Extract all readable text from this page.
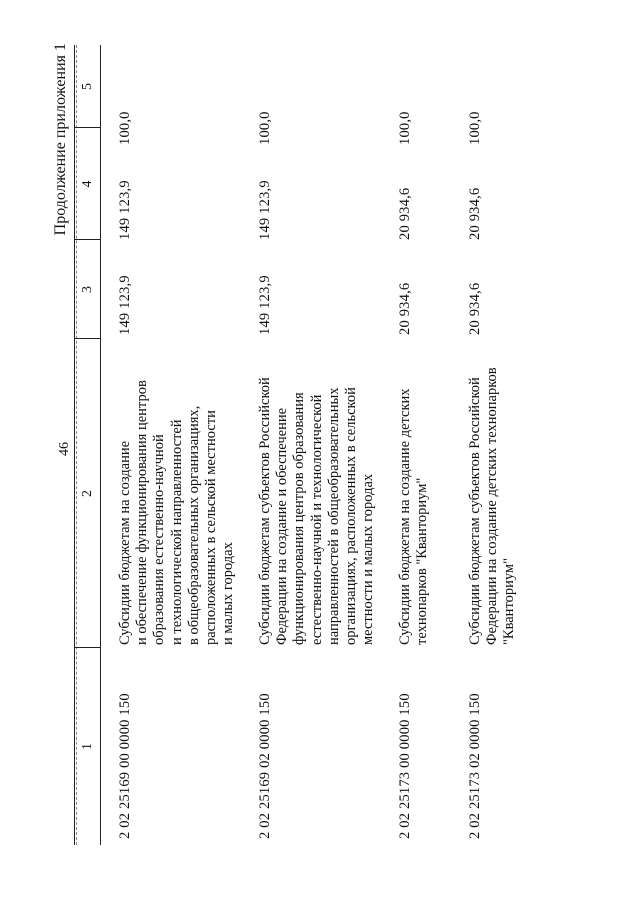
46
Продолжение приложения 1
1
2
3
4
5
2 02 25169 00 0000 150
Субсидии бюджетам на создание и обеспечение функционирования центров образования естественно-научной и технологической направленностей в общеобразовательных организациях, расположенных в сельской местности и малых городах
149 123,9
149 123,9
100,0
2 02 25169 02 0000 150
Субсидии бюджетам субъектов Российской Федерации на создание и обеспечение функционирования центров образования естественно-научной и технологической направленностей в общеобразовательных организациях, расположенных в сельской местности и малых городах
149 123,9
149 123,9
100,0
2 02 25173 00 0000 150
Субсидии бюджетам на создание детских технопарков "Кванториум"
20 934,6
20 934,6
100,0
2 02 25173 02 0000 150
Субсидии бюджетам субъектов Российской Федерации на создание детских технопарков "Кванториум"
20 934,6
20 934,6
100,0
